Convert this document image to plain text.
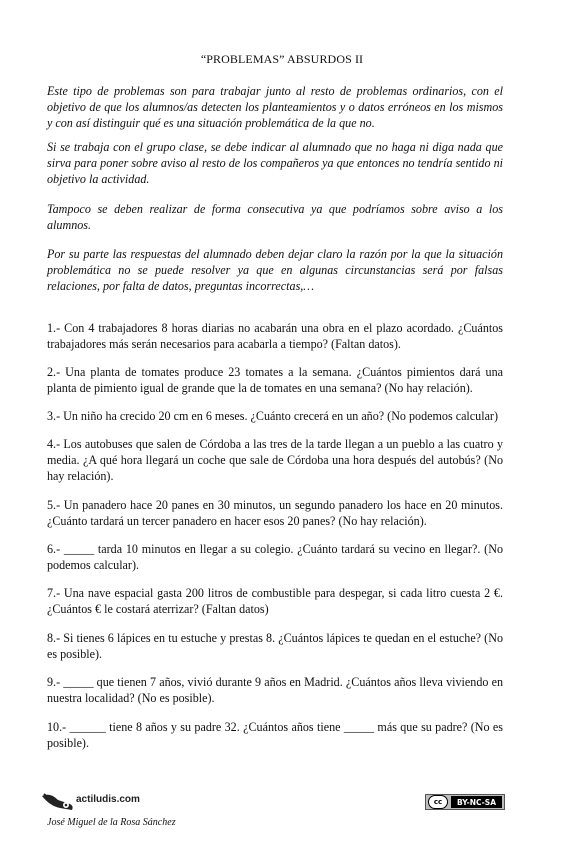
“PROBLEMAS” ABSURDOS II

Este tipo de problemas son para trabajar junto al resto de problemas ordinarios, con el objetivo de que los alumnos/as detecten los planteamientos y o datos erróneos en los mismos y con así distinguir qué es una situación problemática de la que no.

Si se trabaja con el grupo clase, se debe indicar al alumnado que no haga ni diga nada que sirva para poner sobre aviso al resto de los compañeros ya que entonces no tendría sentido ni objetivo la actividad.

Tampoco se deben realizar de forma consecutiva ya que podríamos sobre aviso a los alumnos.

Por su parte las respuestas del alumnado deben dejar claro la razón por la que la situación problemática no se puede resolver ya que en algunas circunstancias será por falsas relaciones, por falta de datos, preguntas incorrectas,…

1.- Con 4 trabajadores 8 horas diarias no acabarán una obra en el plazo acordado. ¿Cuántos trabajadores más serán necesarios para acabarla a tiempo? (Faltan datos).

2.- Una planta de tomates produce 23 tomates a la semana. ¿Cuántos pimientos dará una planta de pimiento igual de grande que la de tomates en una semana? (No hay relación).

3.- Un niño ha crecido 20 cm en 6 meses. ¿Cuánto crecerá en un año? (No podemos calcular)

4.- Los autobuses que salen de Córdoba a las tres de la tarde llegan a un pueblo a las cuatro y media. ¿A qué hora llegará un coche que sale de Córdoba una hora después del autobús? (No hay relación).

5.- Un panadero hace 20 panes en 30 minutos, un segundo panadero los hace en 20 minutos. ¿Cuánto tardará un tercer panadero en hacer esos 20 panes? (No hay relación).

6.- _____ tarda 10 minutos en llegar a su colegio. ¿Cuánto tardará su vecino en llegar?. (No podemos calcular).

7.- Una nave espacial gasta 200 litros de combustible para despegar, si cada litro cuesta 2 €. ¿Cuántos € le costará aterrizar? (Faltan datos)

8.- Si tienes 6 lápices en tu estuche y prestas 8. ¿Cuántos lápices te quedan en el estuche? (No es posible).

9.- _____ que tienen 7 años, vivió durante 9 años en Madrid. ¿Cuántos años lleva viviendo en nuestra localidad? (No es posible).

10.- ______ tiene 8 años y su padre 32. ¿Cuántos años tiene _____ más que su padre? (No es posible).

actiludis.com	cc	BY-NC-SA
José Miguel de la Rosa Sánchez
